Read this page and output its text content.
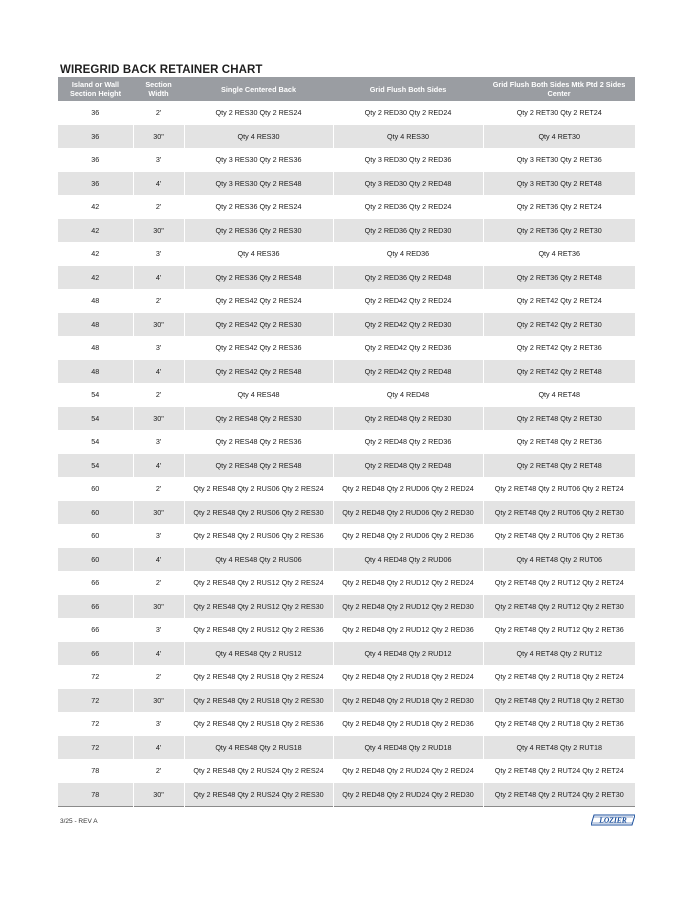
WIREGRID BACK RETAINER CHART
Island or Wall Section Height	Section Width	Single Centered Back	Grid Flush Both Sides	Grid Flush Both Sides Mtk Ptd 2 Sides Center
36	2'	Qty 2 RES30 Qty 2 RES24	Qty 2 RED30 Qty 2 RED24	Qty 2 RET30 Qty 2 RET24
36	30"	Qty 4 RES30	Qty 4 RES30	Qty 4 RET30
36	3'	Qty 3 RES30 Qty 2 RES36	Qty 3 RED30 Qty 2 RED36	Qty 3 RET30 Qty 2 RET36
36	4'	Qty 3 RES30 Qty 2 RES48	Qty 3 RED30 Qty 2 RED48	Qty 3 RET30 Qty 2 RET48
42	2'	Qty 2 RES36 Qty 2 RES24	Qty 2 RED36 Qty 2 RED24	Qty 2 RET36 Qty 2 RET24
42	30"	Qty 2 RES36 Qty 2 RES30	Qty 2 RED36 Qty 2 RED30	Qty 2 RET36 Qty 2 RET30
42	3'	Qty 4 RES36	Qty 4 RED36	Qty 4 RET36
42	4'	Qty 2 RES36 Qty 2 RES48	Qty 2 RED36 Qty 2 RED48	Qty 2 RET36 Qty 2 RET48
48	2'	Qty 2 RES42 Qty 2 RES24	Qty 2 RED42 Qty 2 RED24	Qty 2 RET42 Qty 2 RET24
48	30"	Qty 2 RES42 Qty 2 RES30	Qty 2 RED42 Qty 2 RED30	Qty 2 RET42 Qty 2 RET30
48	3'	Qty 2 RES42 Qty 2 RES36	Qty 2 RED42 Qty 2 RED36	Qty 2 RET42 Qty 2 RET36
48	4'	Qty 2 RES42 Qty 2 RES48	Qty 2 RED42 Qty 2 RED48	Qty 2 RET42 Qty 2 RET48
54	2'	Qty 4 RES48	Qty 4 RED48	Qty 4 RET48
54	30"	Qty 2 RES48 Qty 2 RES30	Qty 2 RED48 Qty 2 RED30	Qty 2 RET48 Qty 2 RET30
54	3'	Qty 2 RES48 Qty 2 RES36	Qty 2 RED48 Qty 2 RED36	Qty 2 RET48 Qty 2 RET36
54	4'	Qty 2 RES48 Qty 2 RES48	Qty 2 RED48 Qty 2 RED48	Qty 2 RET48 Qty 2 RET48
60	2'	Qty 2 RES48 Qty 2 RUS06 Qty 2 RES24	Qty 2 RED48 Qty 2 RUD06 Qty 2 RED24	Qty 2 RET48 Qty 2 RUT06 Qty 2 RET24
60	30"	Qty 2 RES48 Qty 2 RUS06 Qty 2 RES30	Qty 2 RED48 Qty 2 RUD06 Qty 2 RED30	Qty 2 RET48 Qty 2 RUT06 Qty 2 RET30
60	3'	Qty 2 RES48 Qty 2 RUS06 Qty 2 RES36	Qty 2 RED48 Qty 2 RUD06 Qty 2 RED36	Qty 2 RET48 Qty 2 RUT06 Qty 2 RET36
60	4'	Qty 4 RES48 Qty 2 RUS06	Qty 4 RED48 Qty 2 RUD06	Qty 4 RET48 Qty 2 RUT06
66	2'	Qty 2 RES48 Qty 2 RUS12 Qty 2 RES24	Qty 2 RED48 Qty 2 RUD12 Qty 2 RED24	Qty 2 RET48 Qty 2 RUT12 Qty 2 RET24
66	30"	Qty 2 RES48 Qty 2 RUS12 Qty 2 RES30	Qty 2 RED48 Qty 2 RUD12 Qty 2 RED30	Qty 2 RET48 Qty 2 RUT12 Qty 2 RET30
66	3'	Qty 2 RES48 Qty 2 RUS12 Qty 2 RES36	Qty 2 RED48 Qty 2 RUD12 Qty 2 RED36	Qty 2 RET48 Qty 2 RUT12 Qty 2 RET36
66	4'	Qty 4 RES48 Qty 2 RUS12	Qty 4 RED48 Qty 2 RUD12	Qty 4 RET48 Qty 2 RUT12
72	2'	Qty 2 RES48 Qty 2 RUS18 Qty 2 RES24	Qty 2 RED48 Qty 2 RUD18 Qty 2 RED24	Qty 2 RET48 Qty 2 RUT18 Qty 2 RET24
72	30"	Qty 2 RES48 Qty 2 RUS18 Qty 2 RES30	Qty 2 RED48 Qty 2 RUD18 Qty 2 RED30	Qty 2 RET48 Qty 2 RUT18 Qty 2 RET30
72	3'	Qty 2 RES48 Qty 2 RUS18 Qty 2 RES36	Qty 2 RED48 Qty 2 RUD18 Qty 2 RED36	Qty 2 RET48 Qty 2 RUT18 Qty 2 RET36
72	4'	Qty 4 RES48 Qty 2 RUS18	Qty 4 RED48 Qty 2 RUD18	Qty 4 RET48 Qty 2 RUT18
78	2'	Qty 2 RES48 Qty 2 RUS24 Qty 2 RES24	Qty 2 RED48 Qty 2 RUD24 Qty 2 RED24	Qty 2 RET48 Qty 2 RUT24 Qty 2 RET24
78	30"	Qty 2 RES48 Qty 2 RUS24 Qty 2 RES30	Qty 2 RED48 Qty 2 RUD24 Qty 2 RED30	Qty 2 RET48 Qty 2 RUT24 Qty 2 RET30
3/25 - REV A	LOZIER
